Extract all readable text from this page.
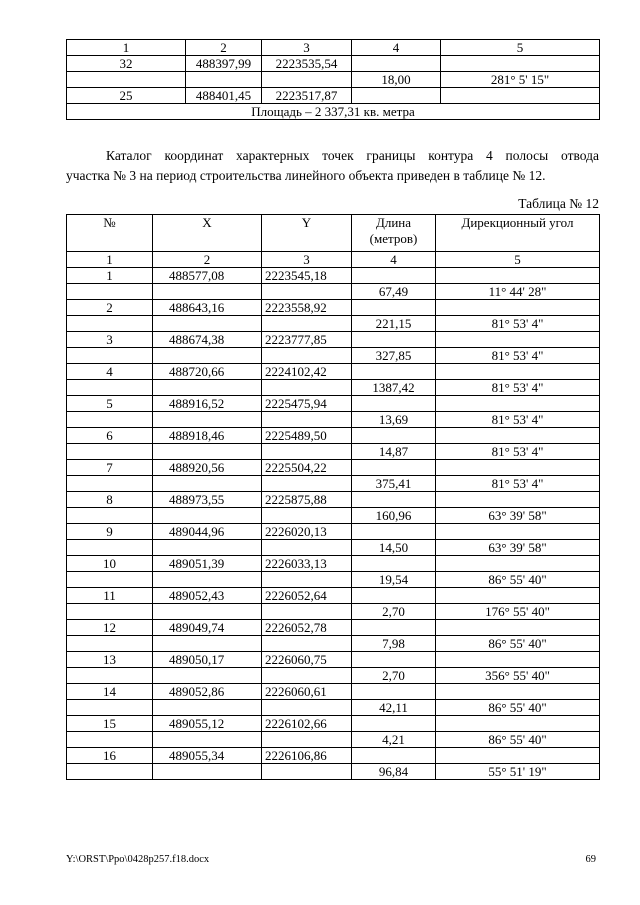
1	2	3	4	5
32	488397,99	2223535,54		
			18,00	281° 5' 15"
25	488401,45	2223517,87		
Площадь – 2 337,31 кв. метра				
Каталог координат характерных точек границы контура 4 полосы отвода
участка № 3 на период строительства линейного объекта приведен в таблице № 12.
Таблица № 12
№	X	Y	Длина (метров)	Дирекционный угол
1	2	3	4	5
1	488577,08	2223545,18		
			67,49	11° 44' 28"
2	488643,16	2223558,92		
			221,15	81° 53' 4"
3	488674,38	2223777,85		
			327,85	81° 53' 4"
4	488720,66	2224102,42		
			1387,42	81° 53' 4"
5	488916,52	2225475,94		
			13,69	81° 53' 4"
6	488918,46	2225489,50		
			14,87	81° 53' 4"
7	488920,56	2225504,22		
			375,41	81° 53' 4"
8	488973,55	2225875,88		
			160,96	63° 39' 58"
9	489044,96	2226020,13		
			14,50	63° 39' 58"
10	489051,39	2226033,13		
			19,54	86° 55' 40"
11	489052,43	2226052,64		
			2,70	176° 55' 40"
12	489049,74	2226052,78		
			7,98	86° 55' 40"
13	489050,17	2226060,75		
			2,70	356° 55' 40"
14	489052,86	2226060,61		
			42,11	86° 55' 40"
15	489055,12	2226102,66		
			4,21	86° 55' 40"
16	489055,34	2226106,86		
			96,84	55° 51' 19"
Y:\ORST\Ppo\0428p257.f18.docx	69
